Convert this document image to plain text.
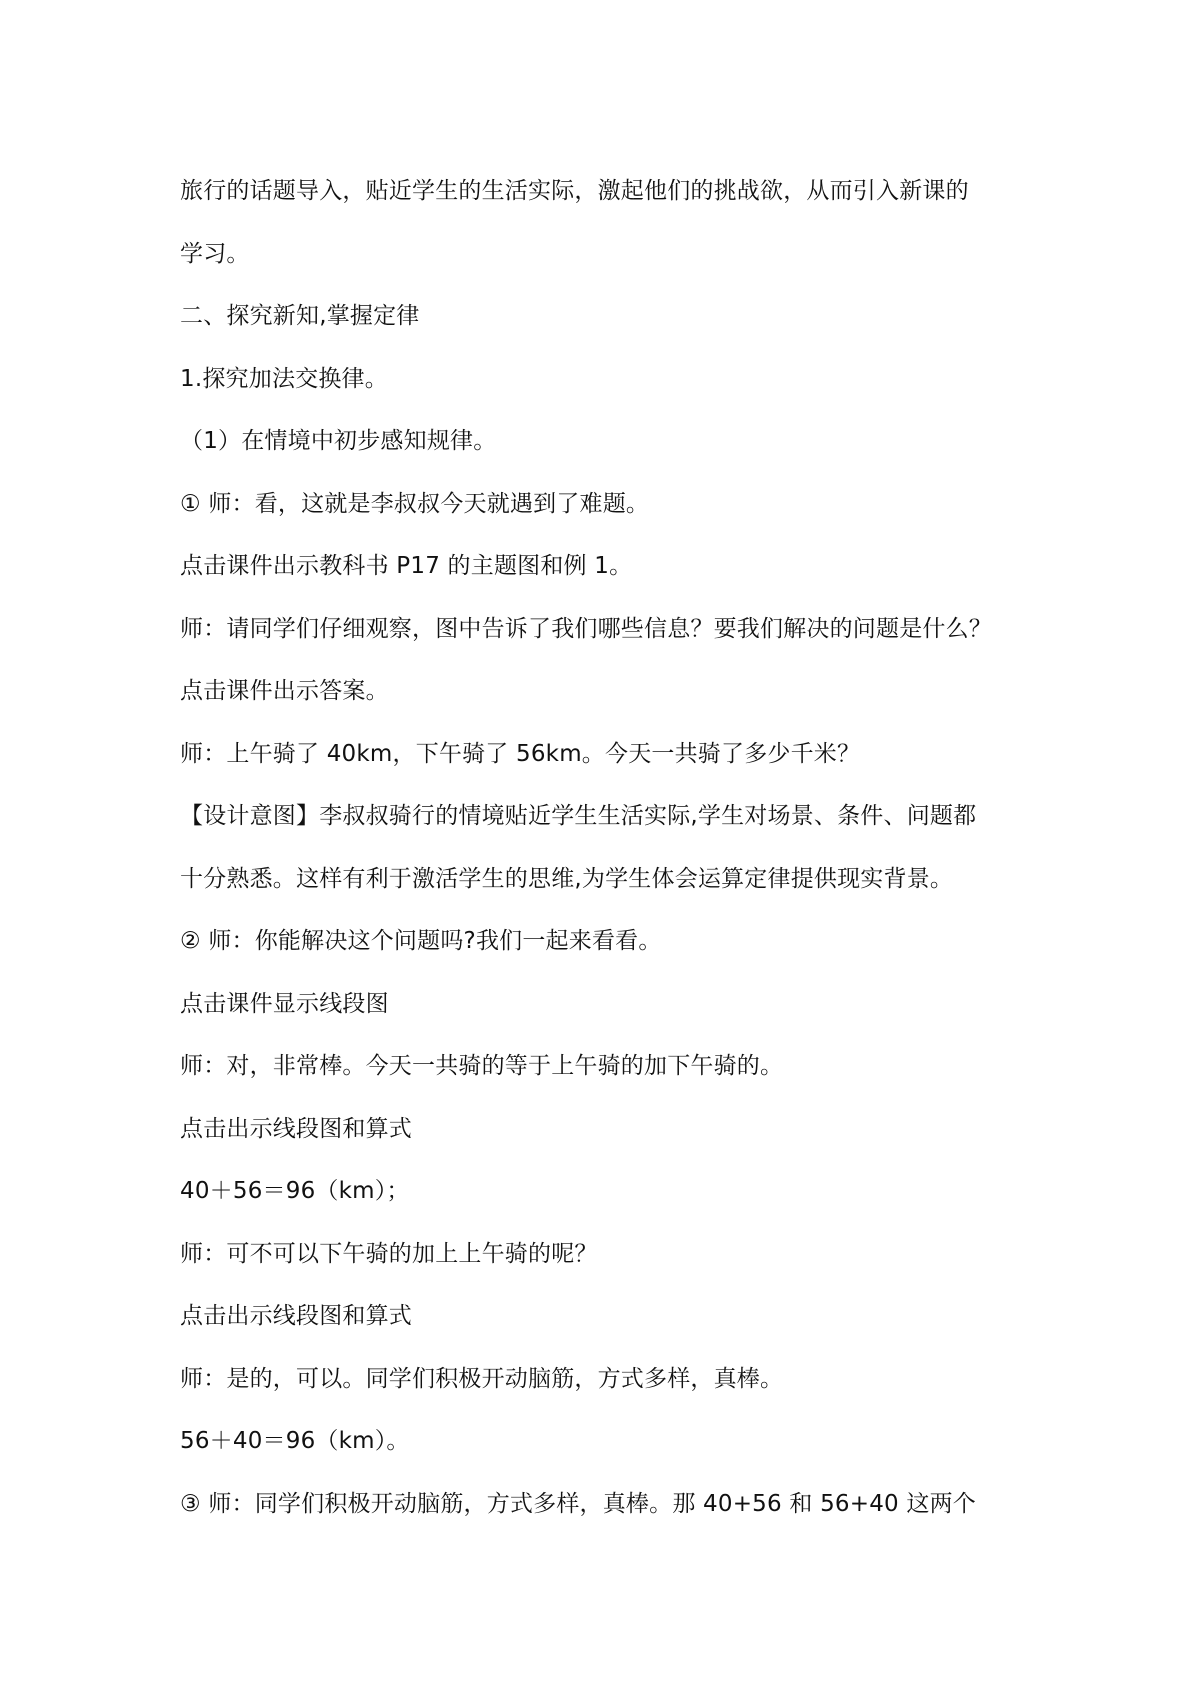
旅行的话题导入，贴近学生的生活实际，激起他们的挑战欲，从而引入新课的
学习。
二、探究新知,掌握定律
1.探究加法交换律。
（1）在情境中初步感知规律。
① 师：看，这就是李叔叔今天就遇到了难题。
点击课件出示教科书 P17 的主题图和例 1。
师：请同学们仔细观察，图中告诉了我们哪些信息？要我们解决的问题是什么？
点击课件出示答案。
师：上午骑了 40km，下午骑了 56km。今天一共骑了多少千米？
【设计意图】李叔叔骑行的情境贴近学生生活实际,学生对场景、条件、问题都
十分熟悉。这样有利于激活学生的思维,为学生体会运算定律提供现实背景。
② 师：你能解决这个问题吗?我们一起来看看。
点击课件显示线段图
师：对，非常棒。今天一共骑的等于上午骑的加下午骑的。
点击出示线段图和算式
40＋56＝96（km）；
师：可不可以下午骑的加上上午骑的呢？
点击出示线段图和算式
师：是的，可以。同学们积极开动脑筋，方式多样，真棒。
56＋40＝96（km）。
③ 师：同学们积极开动脑筋，方式多样，真棒。那 40+56 和 56+40 这两个
